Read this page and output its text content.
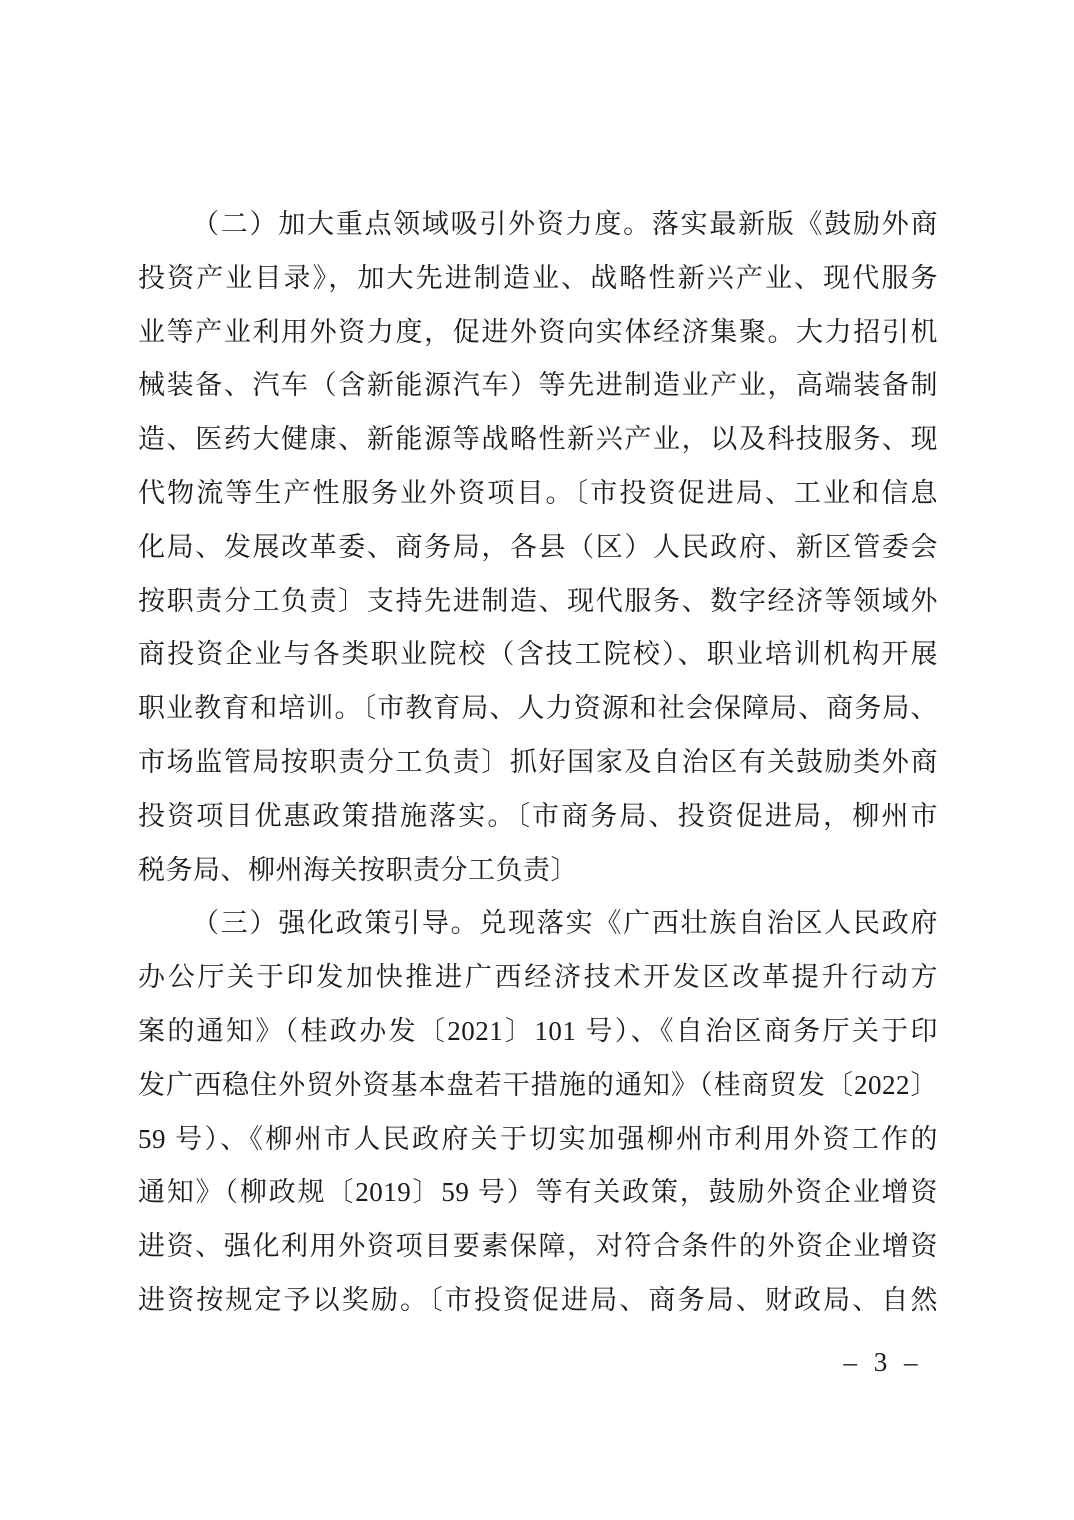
（二）加大重点领域吸引外资力度。落实最新版《鼓励外商
投资产业目录》，加大先进制造业、战略性新兴产业、现代服务
业等产业利用外资力度，促进外资向实体经济集聚。大力招引机
械装备、汽车（含新能源汽车）等先进制造业产业，高端装备制
造、医药大健康、新能源等战略性新兴产业，以及科技服务、现
代物流等生产性服务业外资项目。〔市投资促进局、工业和信息
化局、发展改革委、商务局，各县（区）人民政府、新区管委会
按职责分工负责〕支持先进制造、现代服务、数字经济等领域外
商投资企业与各类职业院校（含技工院校）、职业培训机构开展
职业教育和培训。〔市教育局、人力资源和社会保障局、商务局、
市场监管局按职责分工负责〕抓好国家及自治区有关鼓励类外商
投资项目优惠政策措施落实。〔市商务局、投资促进局，柳州市
税务局、柳州海关按职责分工负责〕
（三）强化政策引导。兑现落实《广西壮族自治区人民政府
办公厅关于印发加快推进广西经济技术开发区改革提升行动方
案的通知》（桂政办发〔2021〕101 号）、《自治区商务厅关于印
发广西稳住外贸外资基本盘若干措施的通知》（桂商贸发〔2022〕
59 号）、《柳州市人民政府关于切实加强柳州市利用外资工作的
通知》（柳政规〔2019〕59 号）等有关政策，鼓励外资企业增资
进资、强化利用外资项目要素保障，对符合条件的外资企业增资
进资按规定予以奖励。〔市投资促进局、商务局、财政局、自然
– 3 –
